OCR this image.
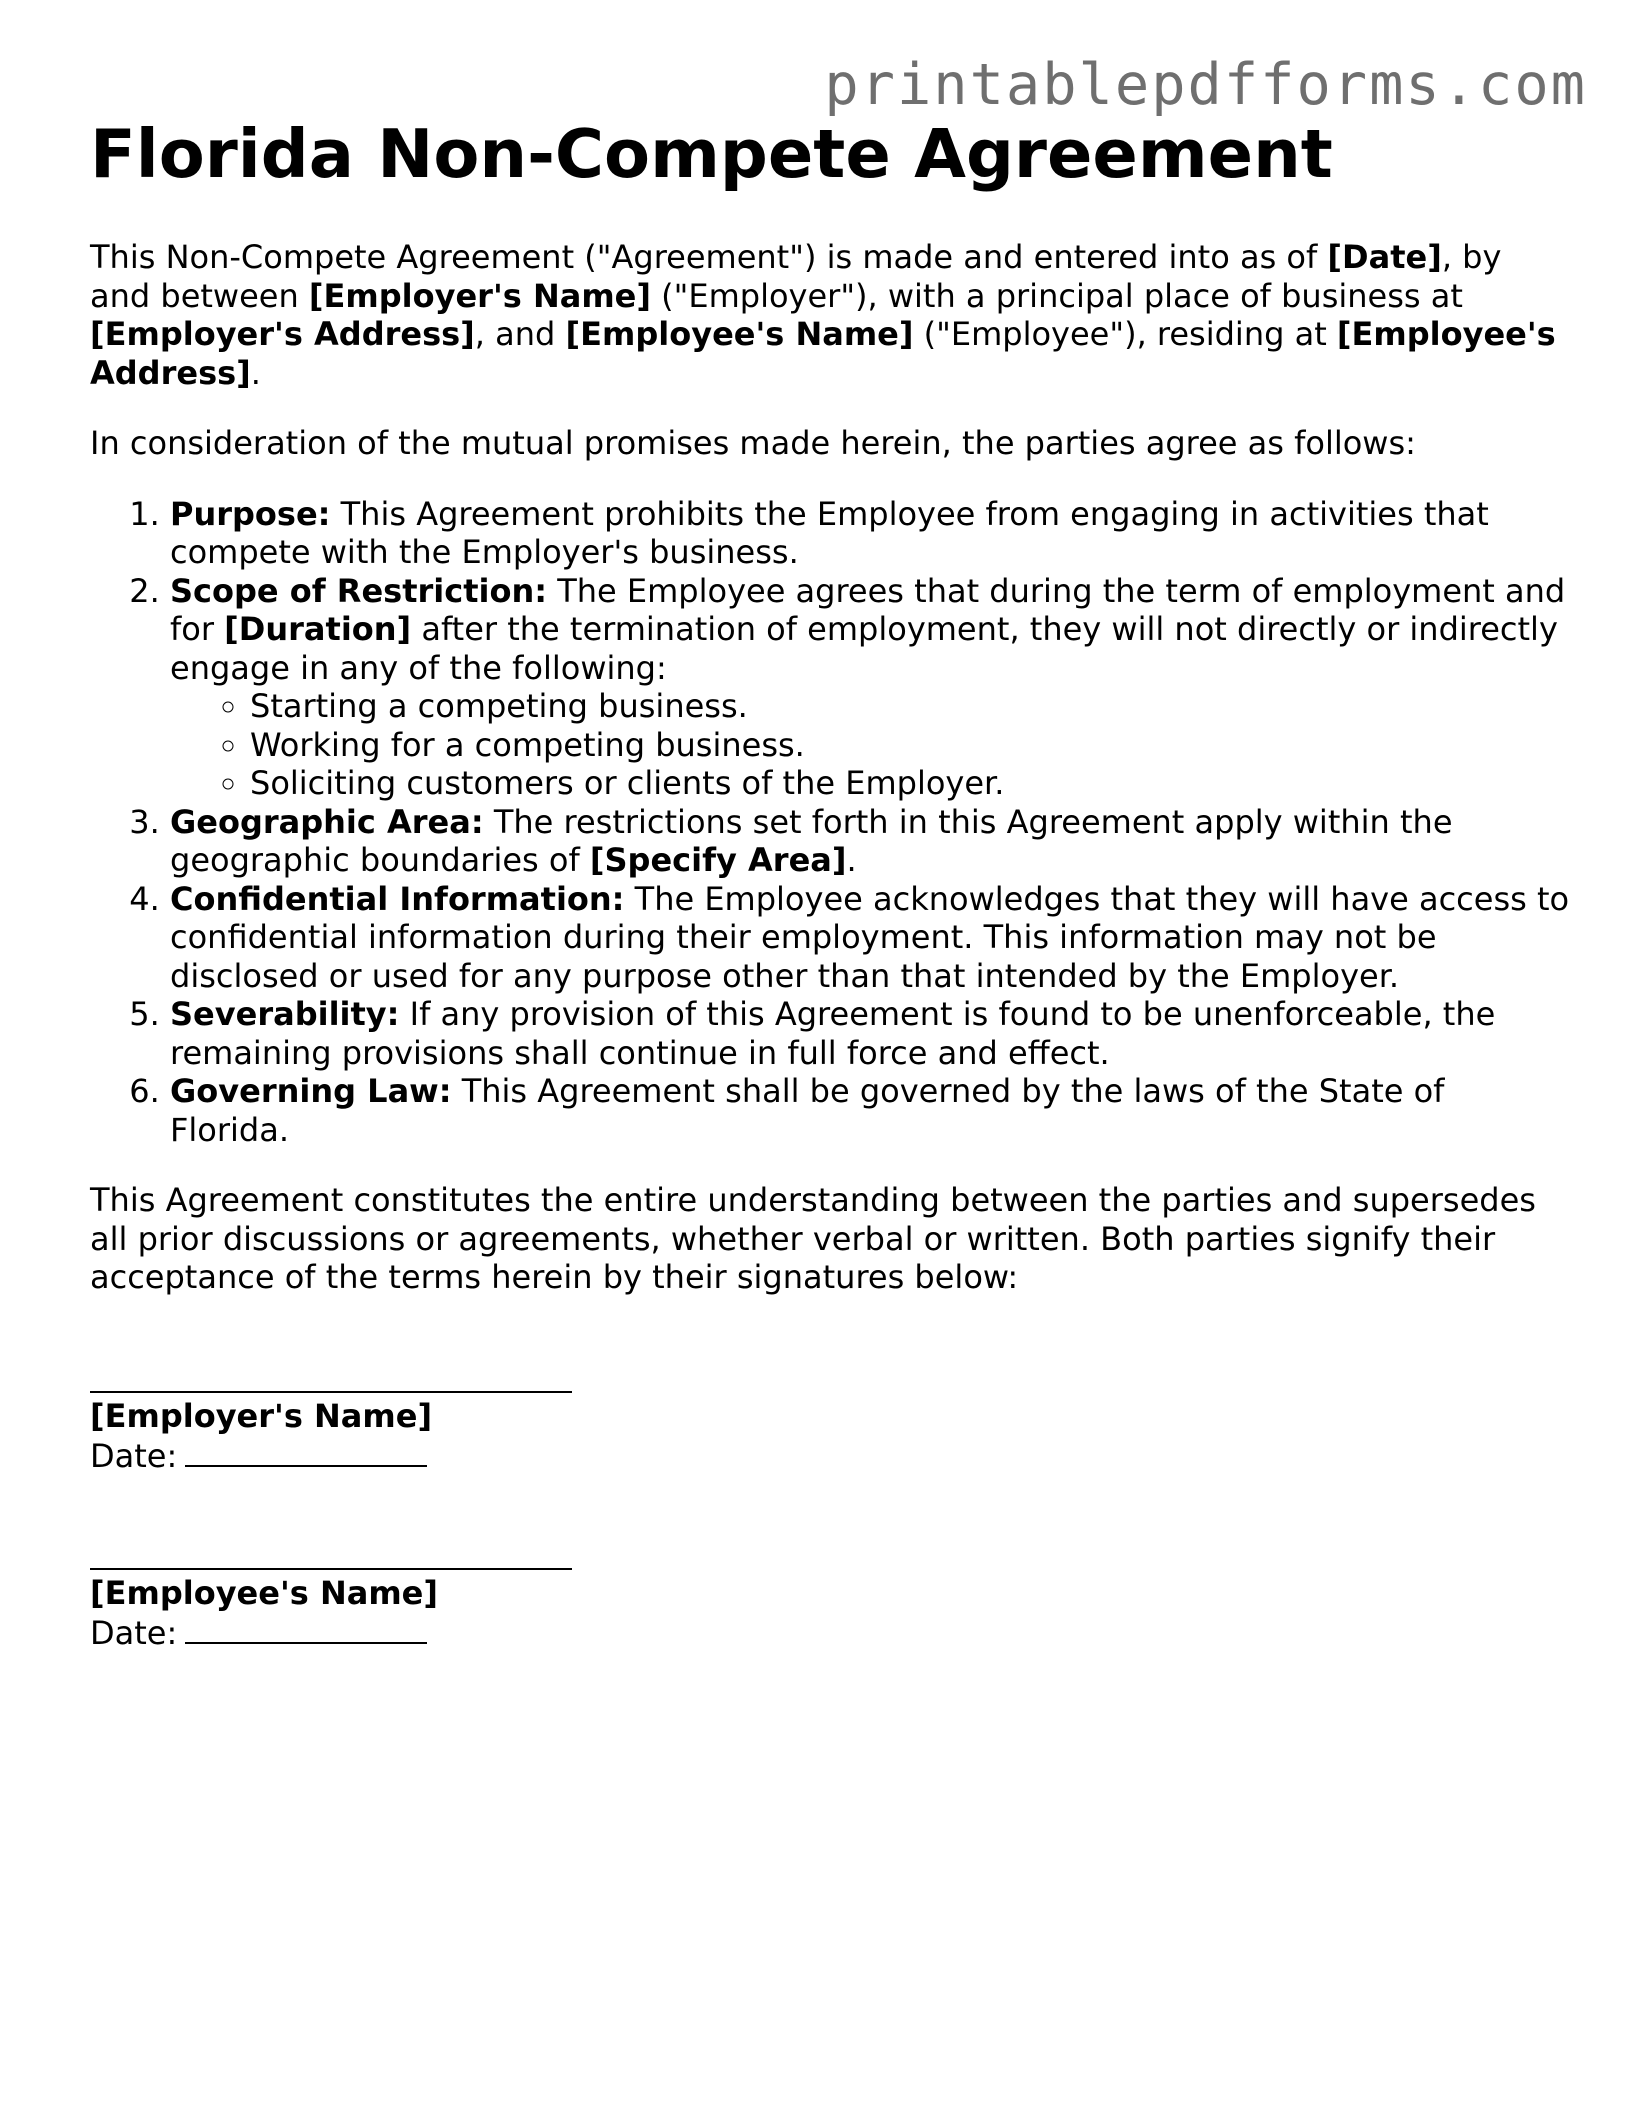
printablepdfforms.com
Florida Non-Compete Agreement

This Non-Compete Agreement ("Agreement") is made and entered into as of [Date], by and between [Employer's Name] ("Employer"), with a principal place of business at [Employer's Address], and [Employee's Name] ("Employee"), residing at [Employee's Address].

In consideration of the mutual promises made herein, the parties agree as follows:

1. Purpose: This Agreement prohibits the Employee from engaging in activities that compete with the Employer's business.
2. Scope of Restriction: The Employee agrees that during the term of employment and for [Duration] after the termination of employment, they will not directly or indirectly engage in any of the following:
◦ Starting a competing business.
◦ Working for a competing business.
◦ Soliciting customers or clients of the Employer.
3. Geographic Area: The restrictions set forth in this Agreement apply within the geographic boundaries of [Specify Area].
4. Confidential Information: The Employee acknowledges that they will have access to confidential information during their employment. This information may not be disclosed or used for any purpose other than that intended by the Employer.
5. Severability: If any provision of this Agreement is found to be unenforceable, the remaining provisions shall continue in full force and effect.
6. Governing Law: This Agreement shall be governed by the laws of the State of Florida.

This Agreement constitutes the entire understanding between the parties and supersedes all prior discussions or agreements, whether verbal or written. Both parties signify their acceptance of the terms herein by their signatures below:

[Employer's Name]
Date:
[Employee's Name]
Date:
